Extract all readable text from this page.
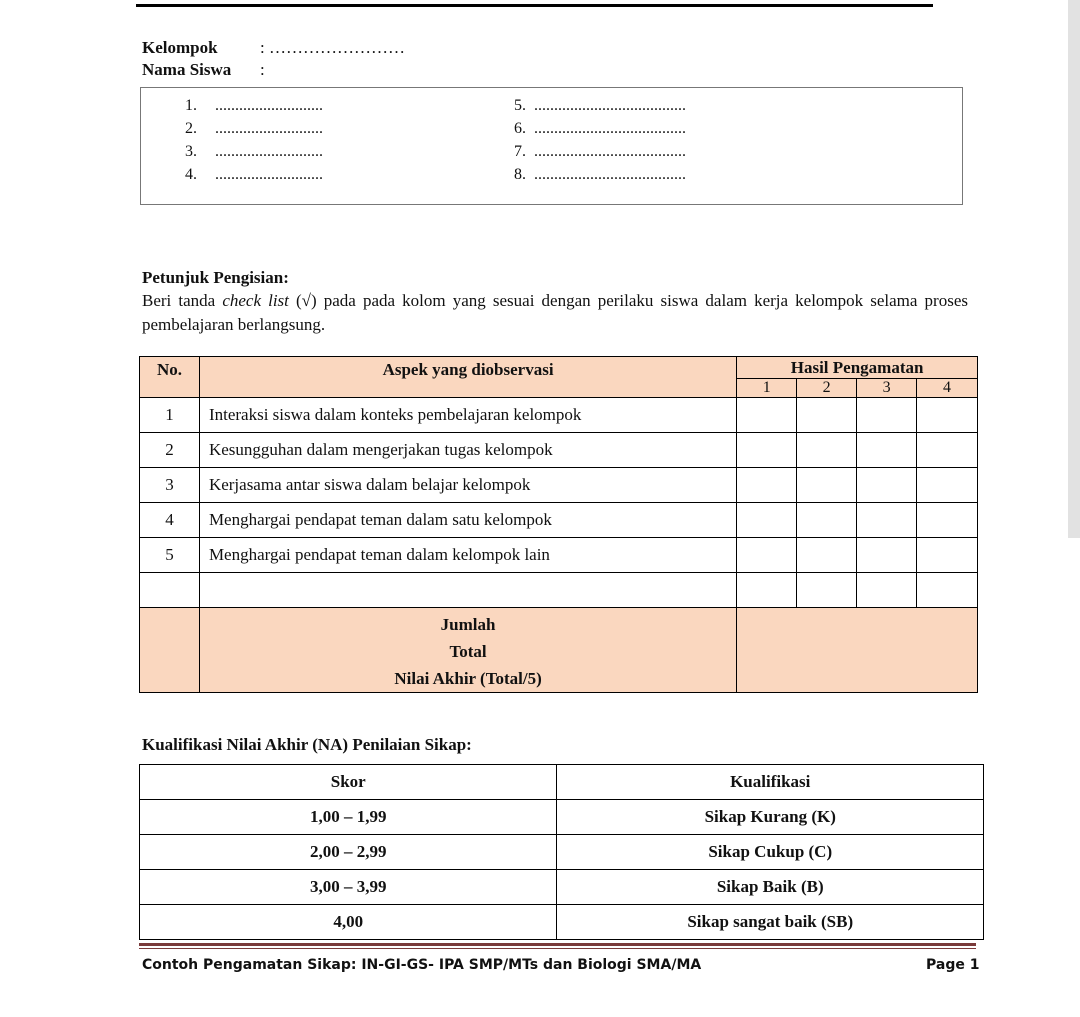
Kelompok : ……………………
Nama Siswa :
1. ...........................
2. ...........................
3. ...........................
4. ...........................
5. ......................................
6. ......................................
7. ......................................
8. ......................................
Petunjuk Pengisian:
Beri tanda check list (√) pada pada kolom yang sesuai dengan perilaku siswa dalam kerja kelompok selama proses pembelajaran berlangsung.
No.	Aspek yang diobservasi	Hasil Pengamatan			
		1	2	3	4
1	Interaksi siswa dalam konteks pembelajaran kelompok				
2	Kesungguhan dalam mengerjakan tugas kelompok				
3	Kerjasama antar siswa dalam belajar kelompok				
4	Menghargai pendapat teman dalam satu kelompok				
5	Menghargai pendapat teman dalam kelompok lain				

	Jumlah
Total
Nilai Akhir (Total/5)				

Kualifikasi Nilai Akhir (NA) Penilaian Sikap:
Skor	Kualifikasi
1,00 – 1,99	Sikap Kurang (K)
2,00 – 2,99	Sikap Cukup (C)
3,00 – 3,99	Sikap Baik (B)
4,00	Sikap sangat baik (SB)
Contoh Pengamatan Sikap: IN-GI-GS- IPA SMP/MTs dan Biologi SMA/MA	Page 1
